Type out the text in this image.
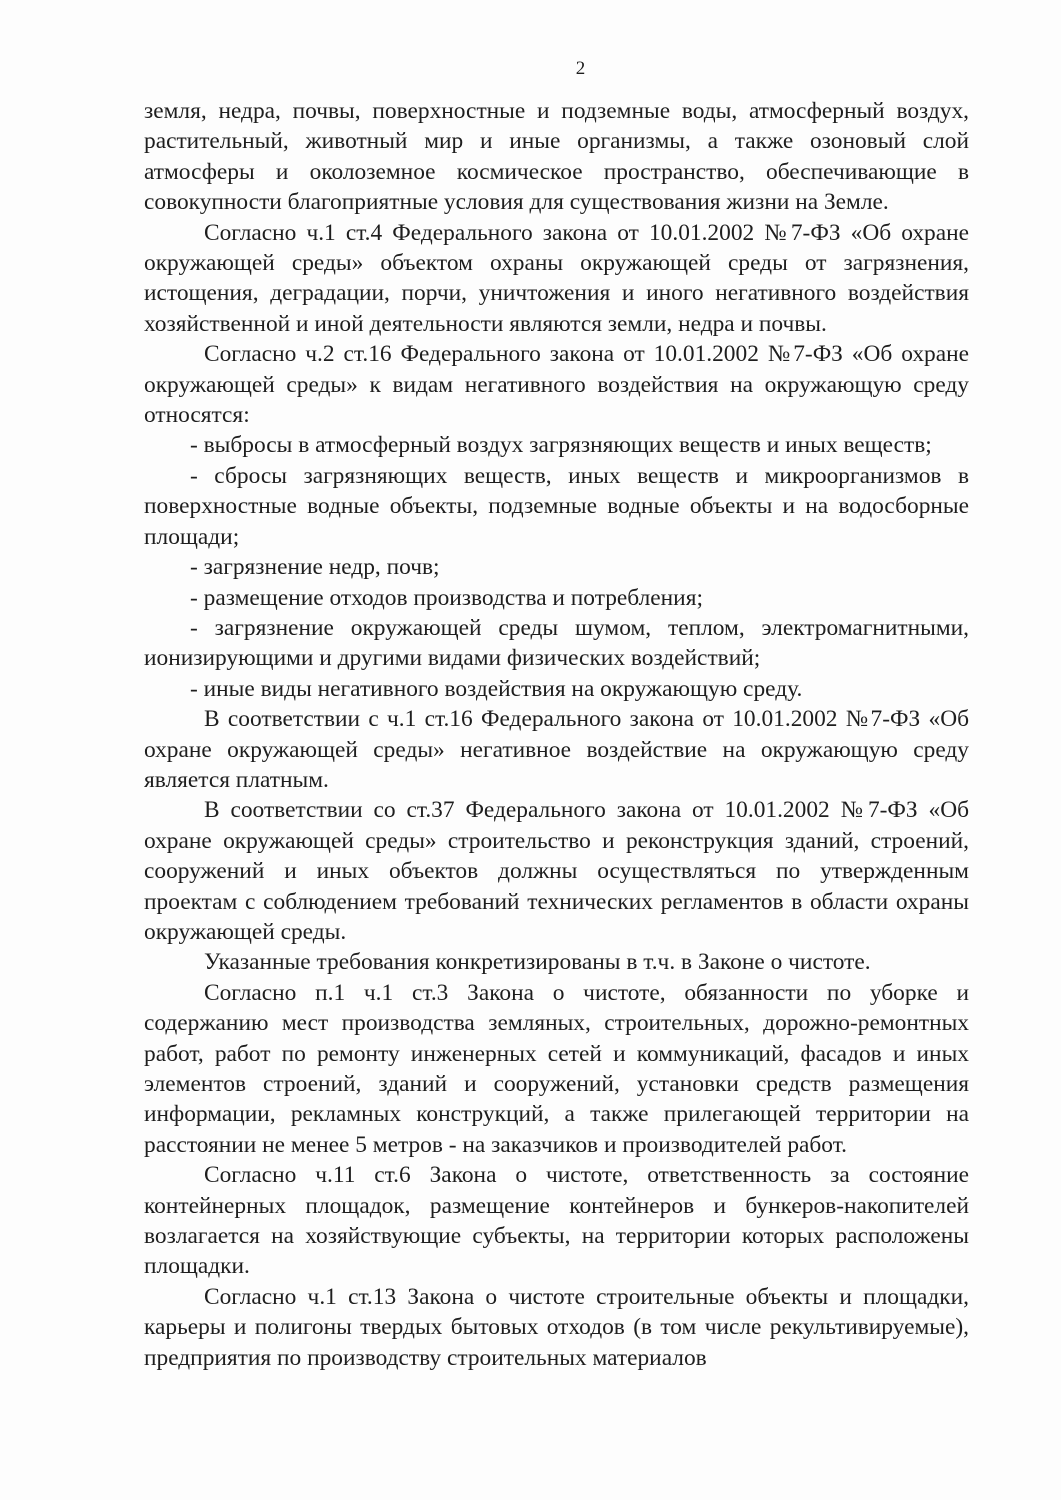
2

земля, недра, почвы, поверхностные и подземные воды, атмосферный воздух, растительный, животный мир и иные организмы, а также озоновый слой атмосферы и околоземное космическое пространство, обеспечивающие в совокупности благоприятные условия для существования жизни на Земле.

Согласно ч.1 ст.4 Федерального закона от 10.01.2002 №7-ФЗ «Об охране окружающей среды» объектом охраны окружающей среды от загрязнения, истощения, деградации, порчи, уничтожения и иного негативного воздействия хозяйственной и иной деятельности являются земли, недра и почвы.

Согласно ч.2 ст.16 Федерального закона от 10.01.2002 №7-ФЗ «Об охране окружающей среды» к видам негативного воздействия на окружающую среду относятся:

- выбросы в атмосферный воздух загрязняющих веществ и иных веществ;

- сбросы загрязняющих веществ, иных веществ и микроорганизмов в поверхностные водные объекты, подземные водные объекты и на водосборные площади;

- загрязнение недр, почв;

- размещение отходов производства и потребления;

- загрязнение окружающей среды шумом, теплом, электромагнитными, ионизирующими и другими видами физических воздействий;

- иные виды негативного воздействия на окружающую среду.

В соответствии с ч.1 ст.16 Федерального закона от 10.01.2002 №7-ФЗ «Об охране окружающей среды» негативное воздействие на окружающую среду является платным.

В соответствии со ст.37 Федерального закона от 10.01.2002 №7-ФЗ «Об охране окружающей среды» строительство и реконструкция зданий, строений, сооружений и иных объектов должны осуществляться по утвержденным проектам с соблюдением требований технических регламентов в области охраны окружающей среды.

Указанные требования конкретизированы в т.ч. в Законе о чистоте.

Согласно п.1 ч.1 ст.3 Закона о чистоте, обязанности по уборке и содержанию мест производства земляных, строительных, дорожно-ремонтных работ, работ по ремонту инженерных сетей и коммуникаций, фасадов и иных элементов строений, зданий и сооружений, установки средств размещения информации, рекламных конструкций, а также прилегающей территории на расстоянии не менее 5 метров - на заказчиков и производителей работ.

Согласно ч.11 ст.6 Закона о чистоте, ответственность за состояние контейнерных площадок, размещение контейнеров и бункеров-накопителей возлагается на хозяйствующие субъекты, на территории которых расположены площадки.

Согласно ч.1 ст.13 Закона о чистоте строительные объекты и площадки, карьеры и полигоны твердых бытовых отходов (в том числе рекультивируемые), предприятия по производству строительных материалов
